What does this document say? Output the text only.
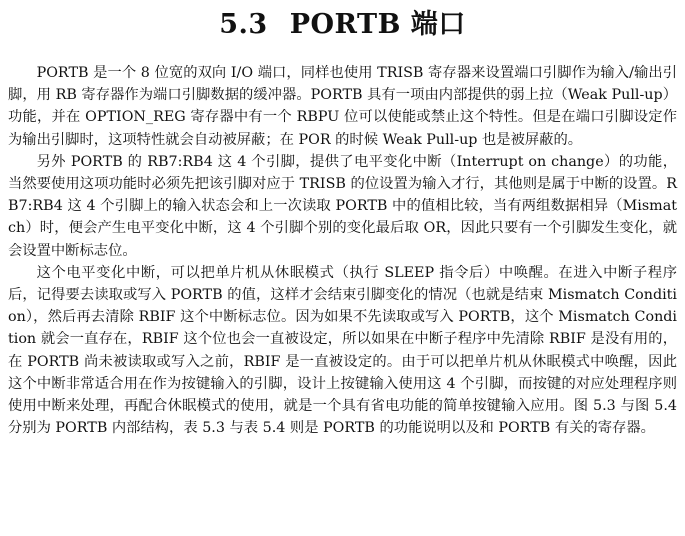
5.3 PORTB 端口

PORTB 是一个 8 位宽的双向 I/O 端口，同样也使用 TRISB 寄存器来设置端口引脚作为输入/输出引脚，用 RB 寄存器作为端口引脚数据的缓冲器。PORTB 具有一项由内部提供的弱上拉（Weak Pull-up）功能，并在 OPTION_REG 寄存器中有一个 RBPU 位可以使能或禁止这个特性。但是在端口引脚设定作为输出引脚时，这项特性就会自动被屏蔽；在 POR 的时候 Weak Pull-up 也是被屏蔽的。

另外 PORTB 的 RB7:RB4 这 4 个引脚，提供了电平变化中断（Interrupt on change）的功能，当然要使用这项功能时必须先把该引脚对应于 TRISB 的位设置为输入才行，其他则是属于中断的设置。RB7:RB4 这 4 个引脚上的输入状态会和上一次读取 PORTB 中的值相比较，当有两组数据相异（Mismatch）时，便会产生电平变化中断，这 4 个引脚个别的变化最后取 OR，因此只要有一个引脚发生变化，就会设置中断标志位。

这个电平变化中断，可以把单片机从休眠模式（执行 SLEEP 指令后）中唤醒。在进入中断子程序后，记得要去读取或写入 PORTB 的值，这样才会结束引脚变化的情况（也就是结束 Mismatch Condition），然后再去清除 RBIF 这个中断标志位。因为如果不先读取或写入 PORTB，这个 Mismatch Condition 就会一直存在，RBIF 这个位也会一直被设定，所以如果在中断子程序中先清除 RBIF 是没有用的，在 PORTB 尚未被读取或写入之前，RBIF 是一直被设定的。由于可以把单片机从休眠模式中唤醒，因此这个中断非常适合用在作为按键输入的引脚，设计上按键输入使用这 4 个引脚，而按键的对应处理程序则使用中断来处理，再配合休眠模式的使用，就是一个具有省电功能的简单按键输入应用。图 5.3 与图 5.4 分别为 PORTB 内部结构，表 5.3 与表 5.4 则是 PORTB 的功能说明以及和 PORTB 有关的寄存器。
